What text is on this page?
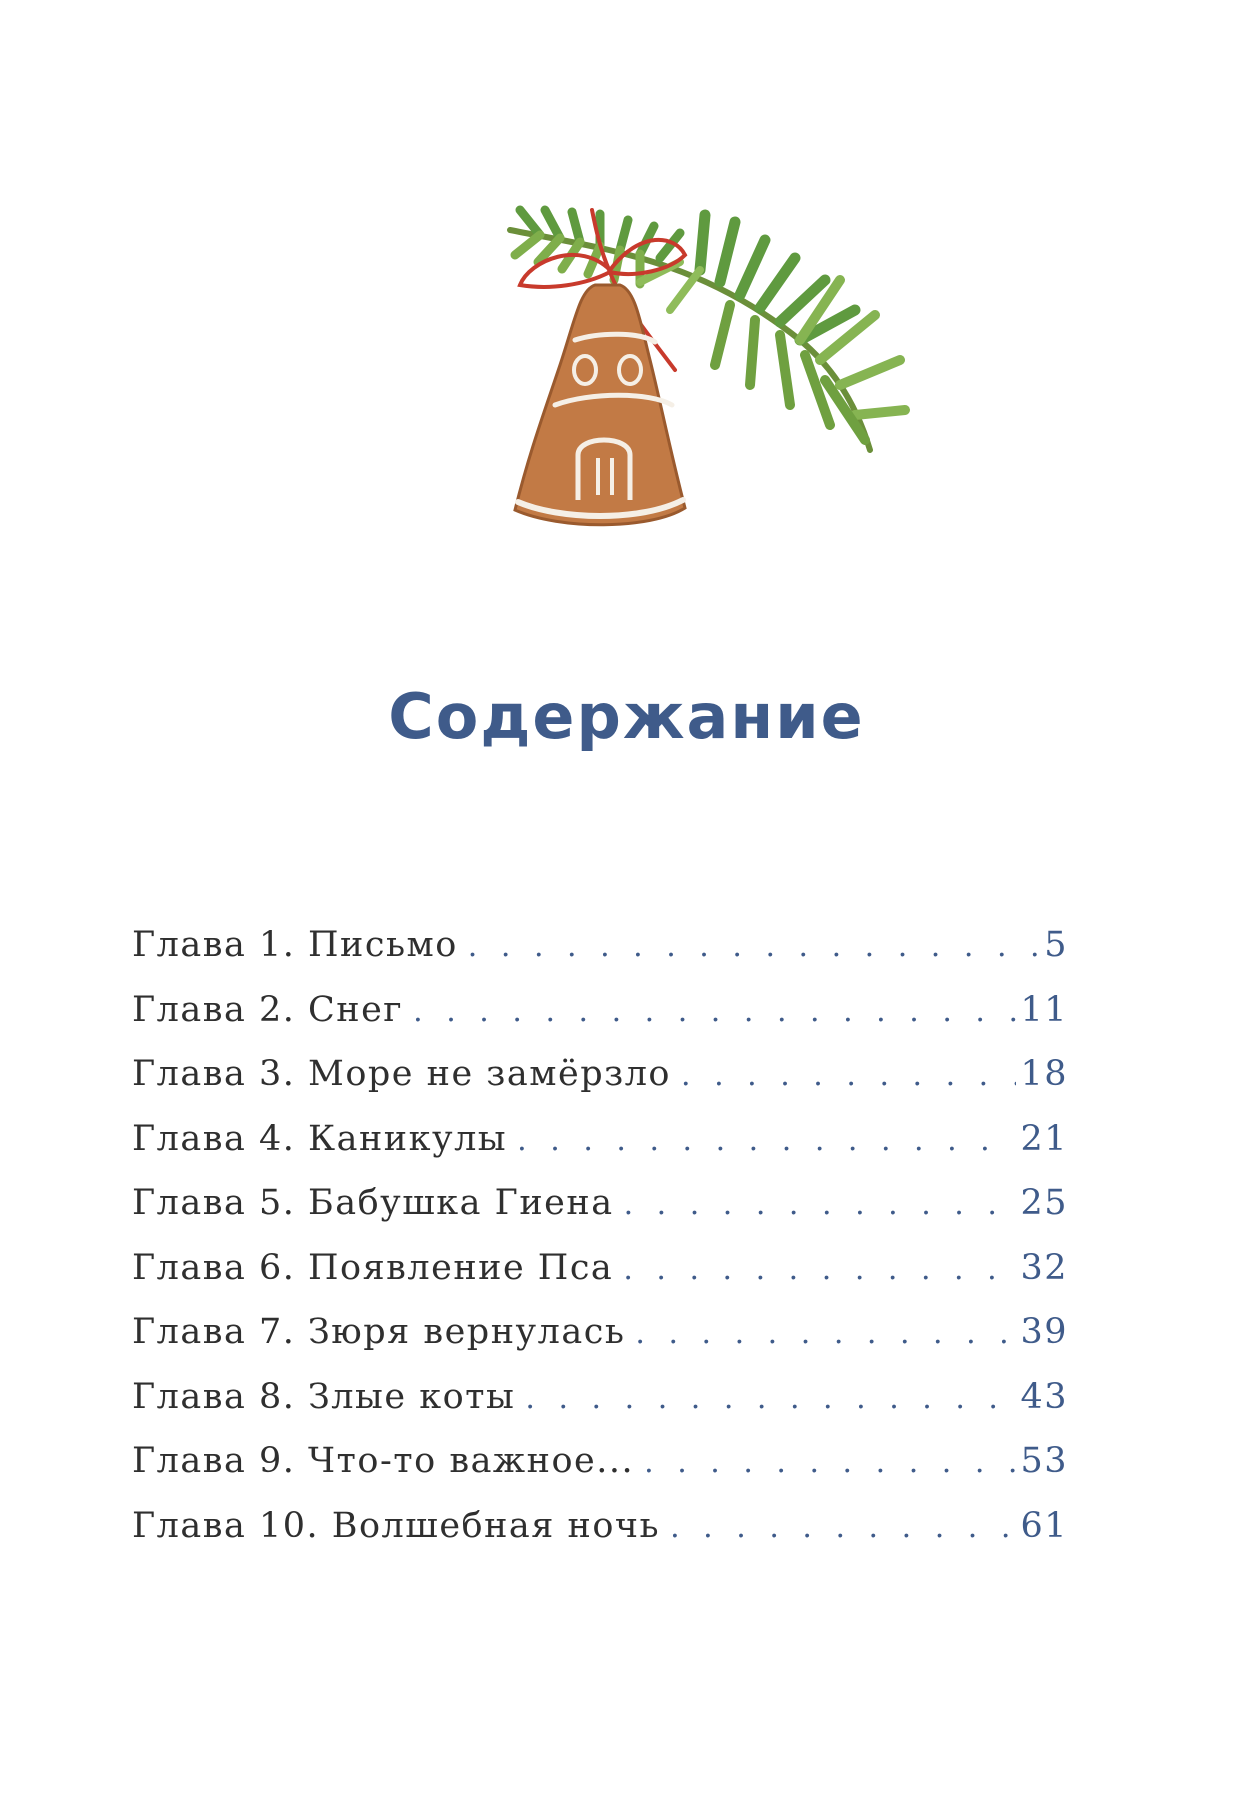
Содержание
Глава 1. Письмо . . .	5
Глава 2. Снег . . .	11
Глава 3. Море не замёрзло . . .	18
Глава 4. Каникулы . . .	21
Глава 5. Бабушка Гиена . . .	25
Глава 6. Появление Пса . . .	32
Глава 7. Зюря вернулась . . .	39
Глава 8. Злые коты . . .	43
Глава 9. Что-то важное... . . .	53
Глава 10. Волшебная ночь . . .	61
